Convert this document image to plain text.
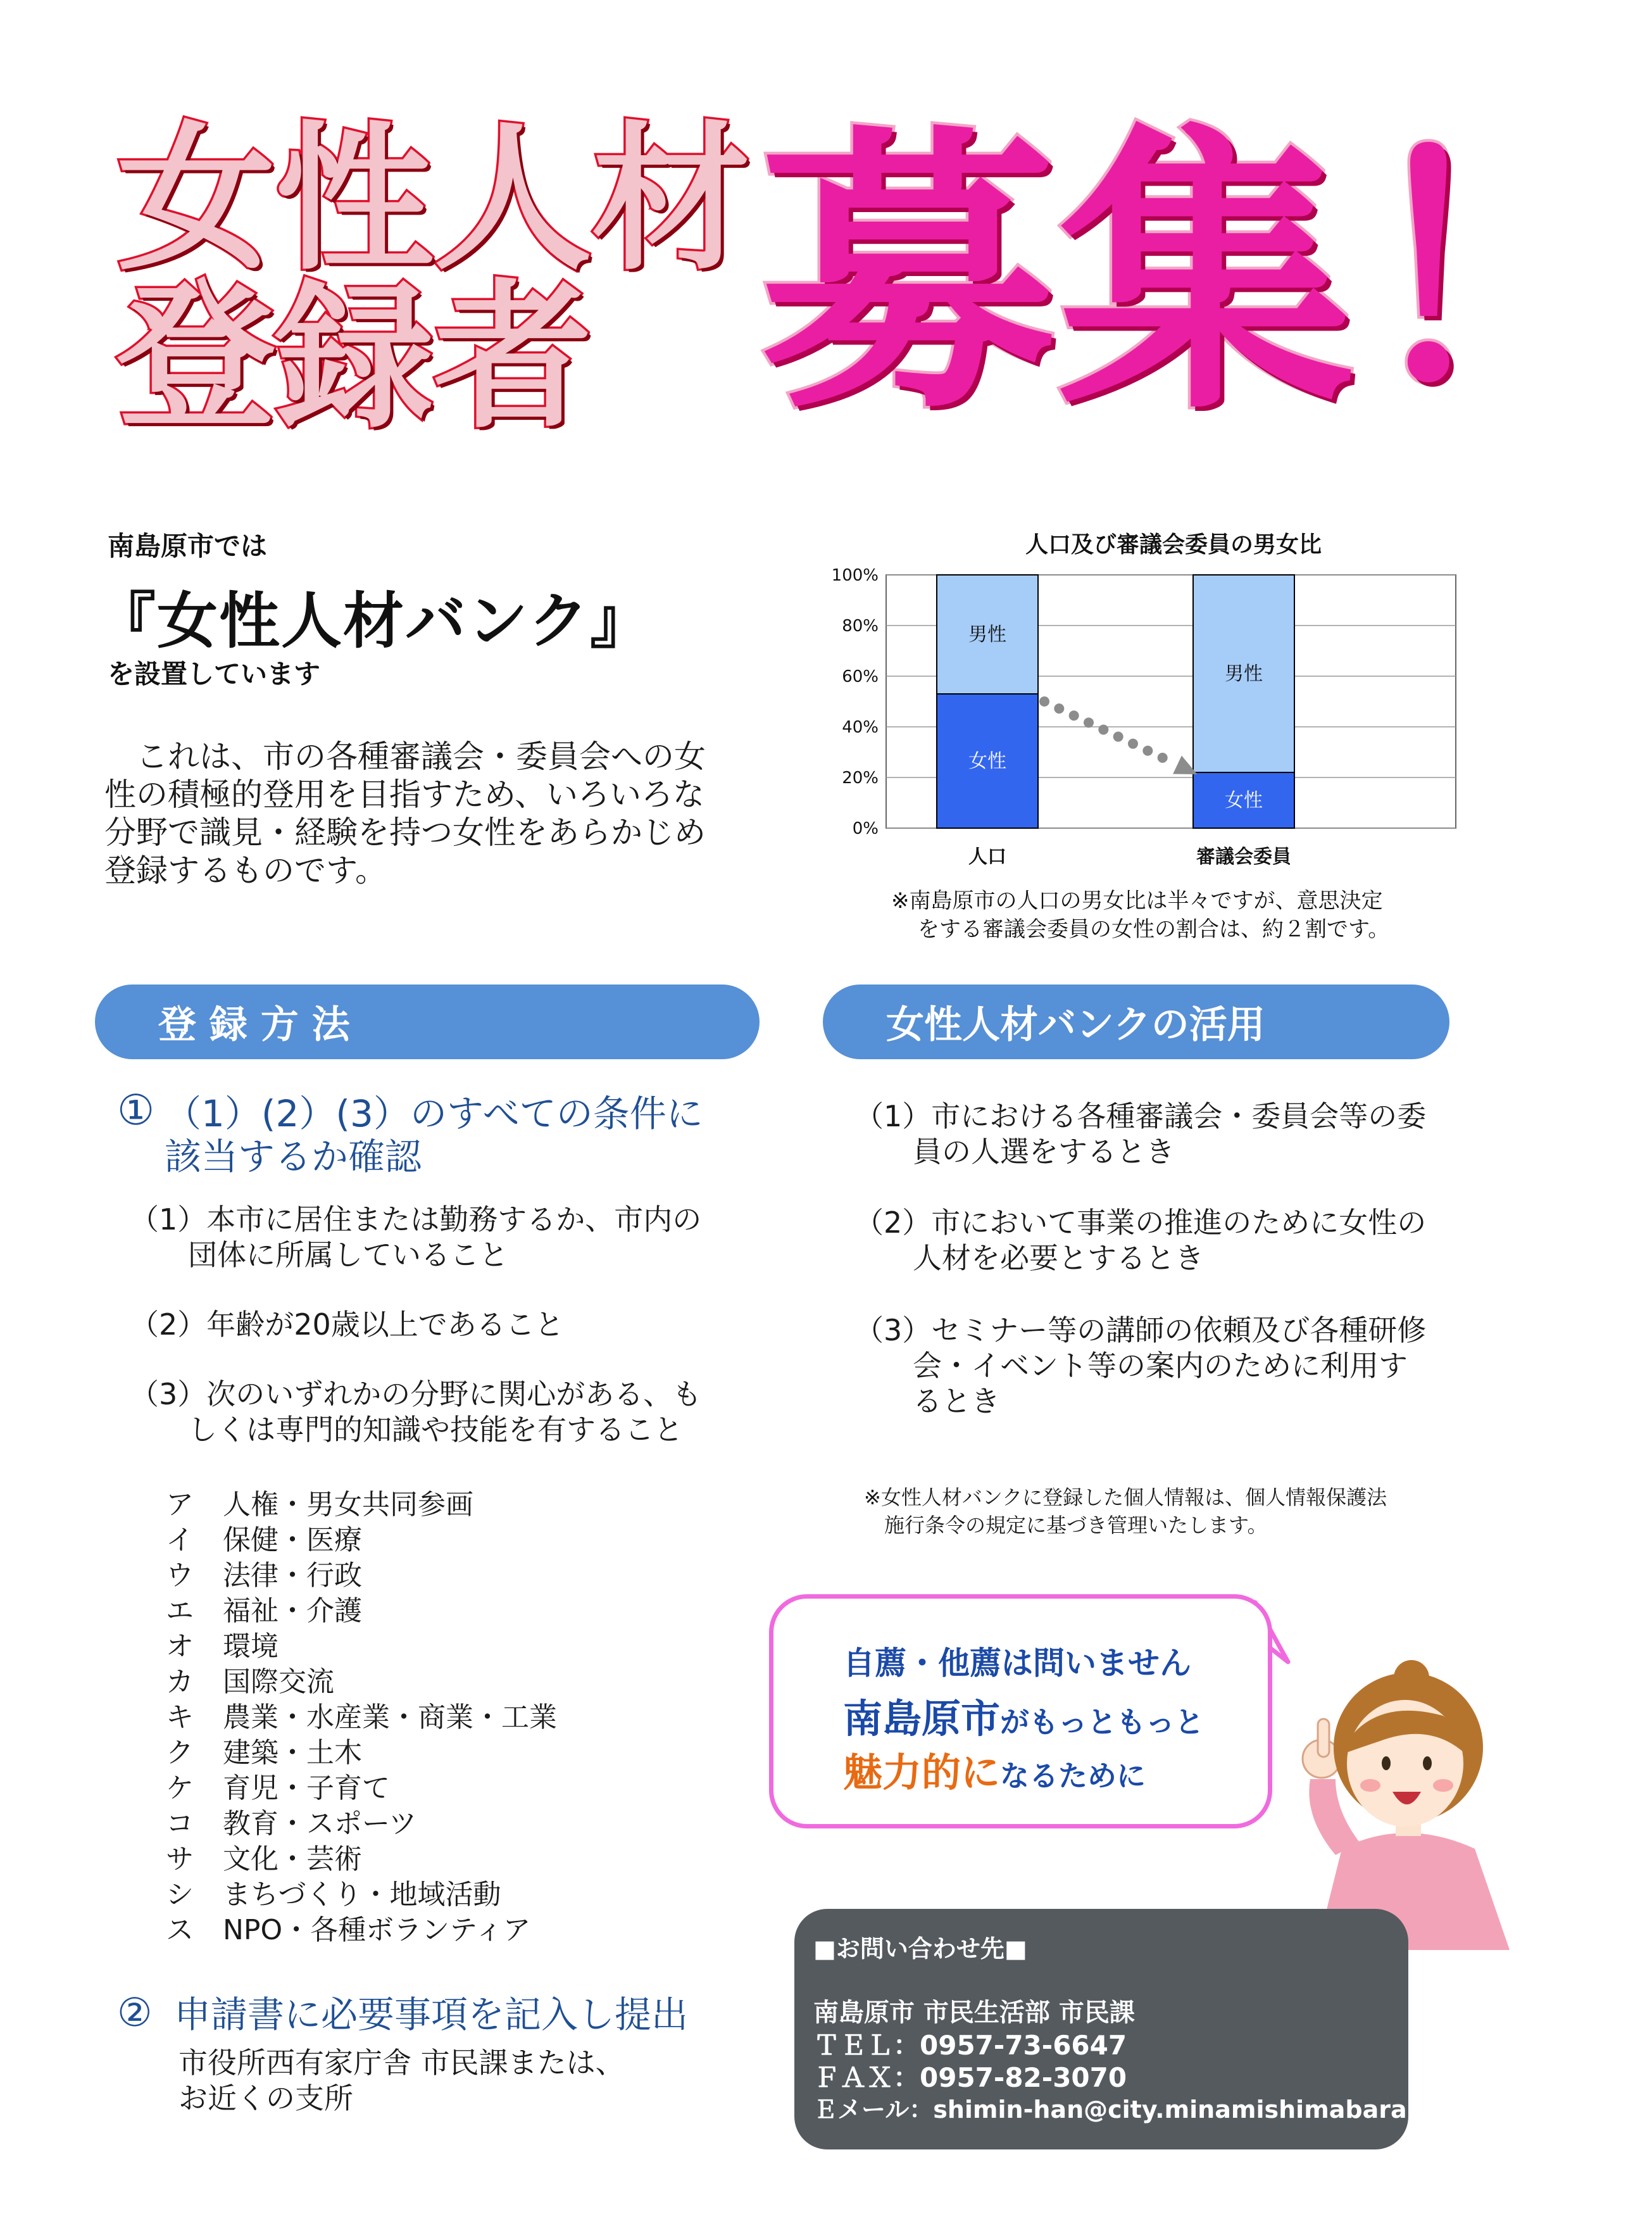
女性人材
登録者 募集！
南島原市では
『女性人材バンク』
を設置しています
　これは、市の各種審議会・委員会への女性の積極的登用を目指すため、いろいろな分野で識見・経験を持つ女性をあらかじめ登録するものです。
人口及び審議会委員の男女比
0%
20%
40%
60%
80%
100%
女性
男性
人口
女性
男性
審議会委員
※南島原市の人口の男女比は半々ですが、意思決定
をする審議会委員の女性の割合は、約２割です。
登 録 方 法	女性人材バンクの活用
① （1）(2）(3）のすべての条件に
該当するか確認
（1）本市に居住または勤務するか、市内の
　　団体に所属していること
（2）年齢が20歳以上であること
（3）次のいずれかの分野に関心がある、も
　　しくは専門的知識や技能を有すること
ア 人権・男女共同参画
イ 保健・医療
ウ 法律・行政
エ 福祉・介護
オ 環境
カ 国際交流
キ 農業・水産業・商業・工業
ク 建築・土木
ケ 育児・子育て
コ 教育・スポーツ
サ 文化・芸術
シ まちづくり・地域活動
ス NPO・各種ボランティア
② 申請書に必要事項を記入し提出
市役所西有家庁舎 市民課または、
お近くの支所
（1）市における各種審議会・委員会等の委
　　員の人選をするとき
（2）市において事業の推進のために女性の
　　人材を必要とするとき
（3）セミナー等の講師の依頼及び各種研修
　　会・イベント等の案内のために利用す
　　るとき
※女性人材バンクに登録した個人情報は、個人情報保護法
　施行条令の規定に基づき管理いたします。
自薦・他薦は問いません
南島原市がもっともっと
魅力的になるために
■お問い合わせ先■
南島原市 市民生活部 市民課
ＴＥＬ：0957-73-6647
ＦＡＸ：0957-82-3070
Ｅメール：shimin-han@city.minamishimabara.lg.jp
